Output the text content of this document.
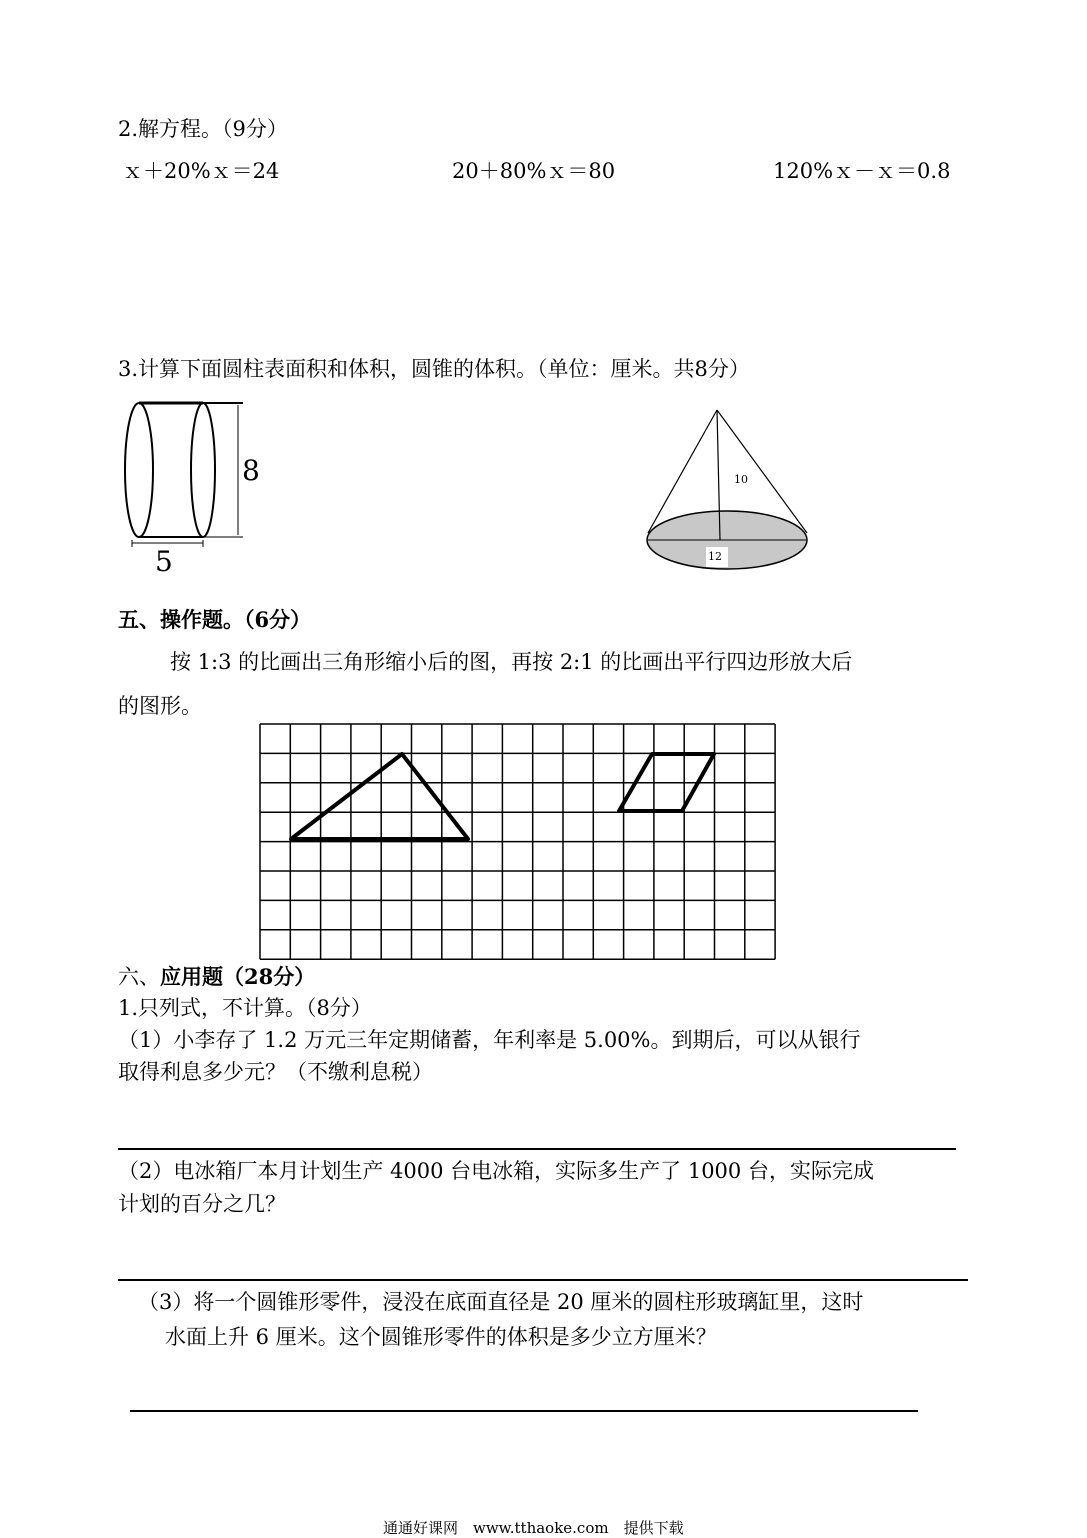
2.解方程。（9分）
ｘ＋20%ｘ＝24	20＋80%ｘ＝80	120%ｘ－ｘ＝0.8
3.计算下面圆柱表面积和体积，圆锥的体积。（单位：厘米。共8分）
8
5
10
12
五、操作题。（6分）
按 1:3 的比画出三角形缩小后的图，再按 2:1 的比画出平行四边形放大后
的图形。
六、应用题（28分）
1.只列式，不计算。（8分）
（1）小李存了 1.2 万元三年定期储蓄，年利率是 5.00%。到期后，可以从银行
取得利息多少元？（不缴利息税）
（2）电冰箱厂本月计划生产 4000 台电冰箱，实际多生产了 1000 台，实际完成
计划的百分之几？
（3）将一个圆锥形零件，浸没在底面直径是 20 厘米的圆柱形玻璃缸里，这时
水面上升 6 厘米。这个圆锥形零件的体积是多少立方厘米？
通通好课网　www.tthaoke.com　提供下载
